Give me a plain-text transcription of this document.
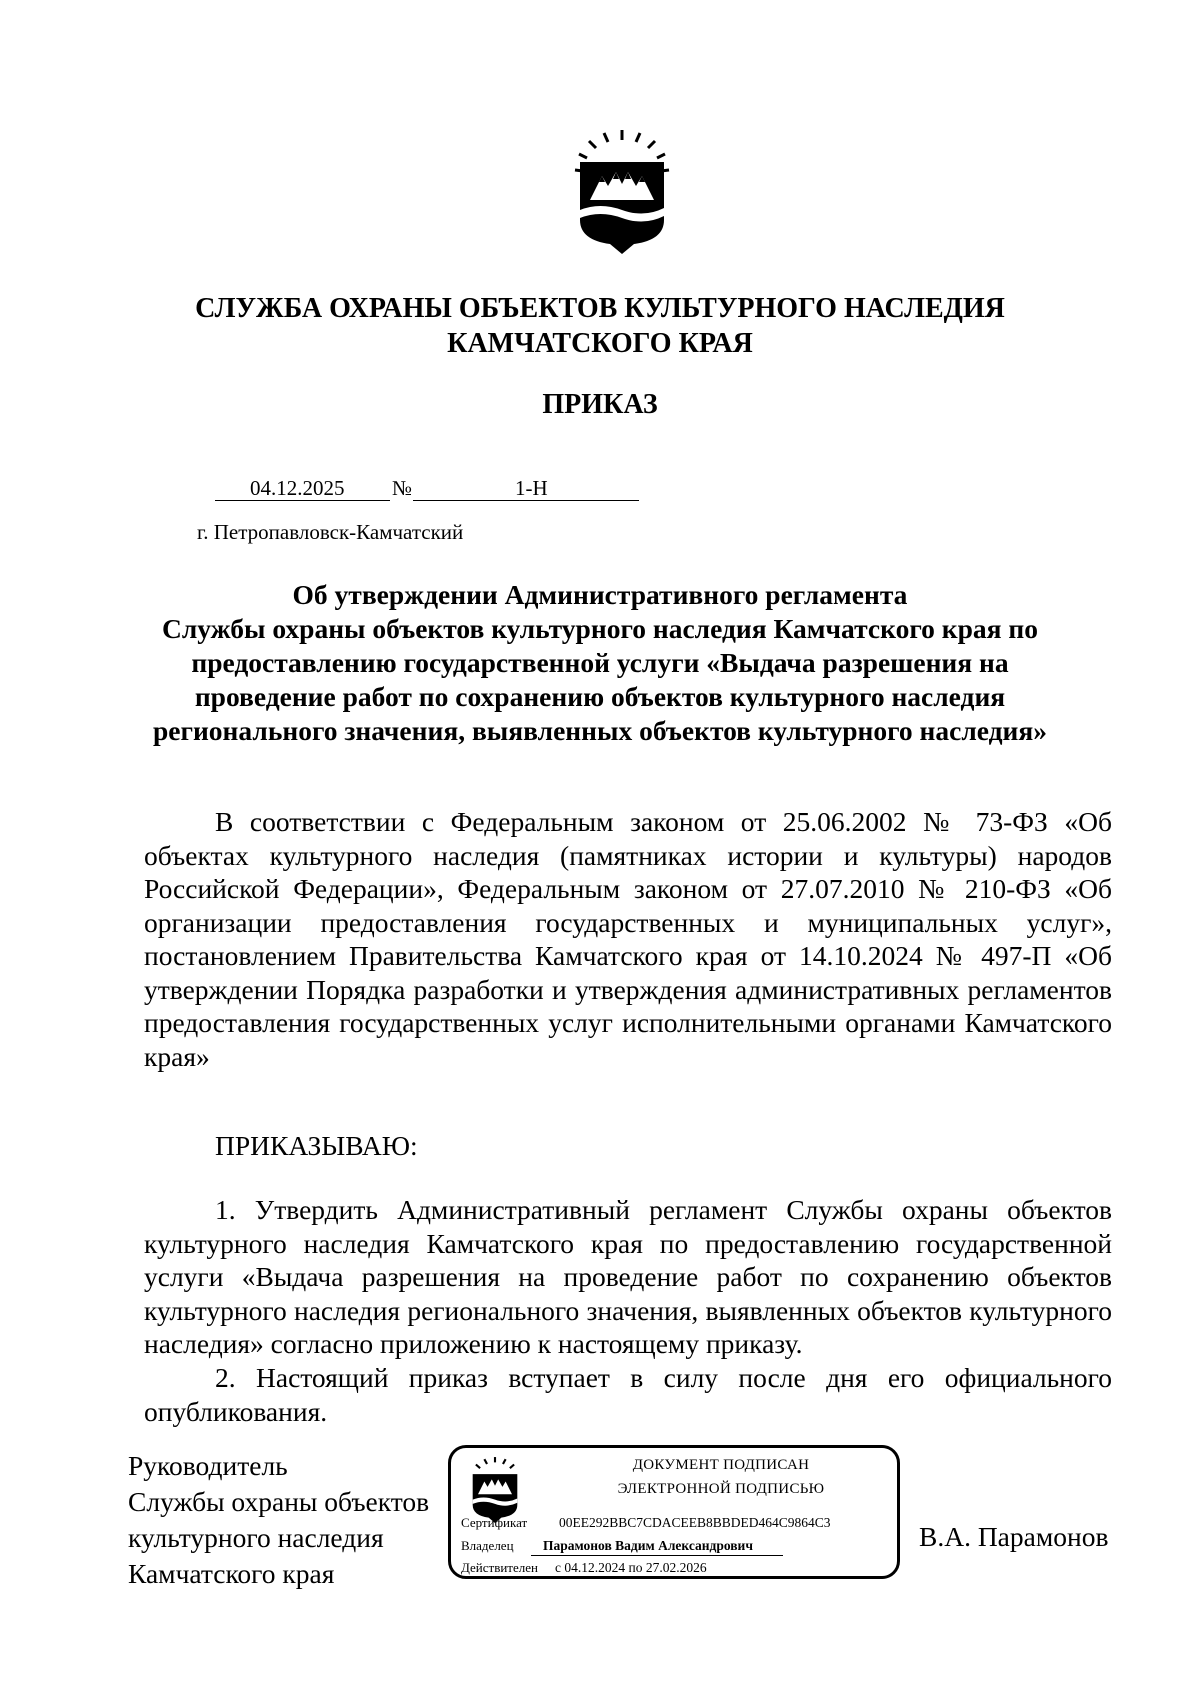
СЛУЖБА ОХРАНЫ ОБЪЕКТОВ КУЛЬТУРНОГО НАСЛЕДИЯ
КАМЧАТСКОГО КРАЯ
ПРИКАЗ
04.12.2025 №	1-Н
г. Петропавловск-Камчатский
Об утверждении Административного регламента
Службы охраны объектов культурного наследия Камчатского края по
предоставлению государственной услуги «Выдача разрешения на
проведение работ по сохранению объектов культурного наследия
регионального значения, выявленных объектов культурного наследия»
В соответствии с Федеральным законом от 25.06.2002 № 73-ФЗ «Об объектах культурного наследия (памятниках истории и культуры) народов Российской Федерации», Федеральным законом от 27.07.2010 № 210-ФЗ «Об организации предоставления государственных и муниципальных услуг», постановлением Правительства Камчатского края от 14.10.2024 № 497-П «Об утверждении Порядка разработки и утверждения административных регламентов предоставления государственных услуг исполнительными органами Камчатского края»
ПРИКАЗЫВАЮ:
1. Утвердить Административный регламент Службы охраны объектов культурного наследия Камчатского края по предоставлению государственной услуги «Выдача разрешения на проведение работ по сохранению объектов культурного наследия регионального значения, выявленных объектов культурного наследия» согласно приложению к настоящему приказу.
2. Настоящий приказ вступает в силу после дня его официального опубликования.
Руководитель
Службы охраны объектов
культурного наследия
Камчатского края
ДОКУМЕНТ ПОДПИСАН
ЭЛЕКТРОННОЙ ПОДПИСЬЮ
Сертификат 00EE292BBC7CDACEEB8BBDED464C9864C3
Владелец Парамонов Вадим Александрович
Действителен с 04.12.2024 по 27.02.2026
В.А. Парамонов
